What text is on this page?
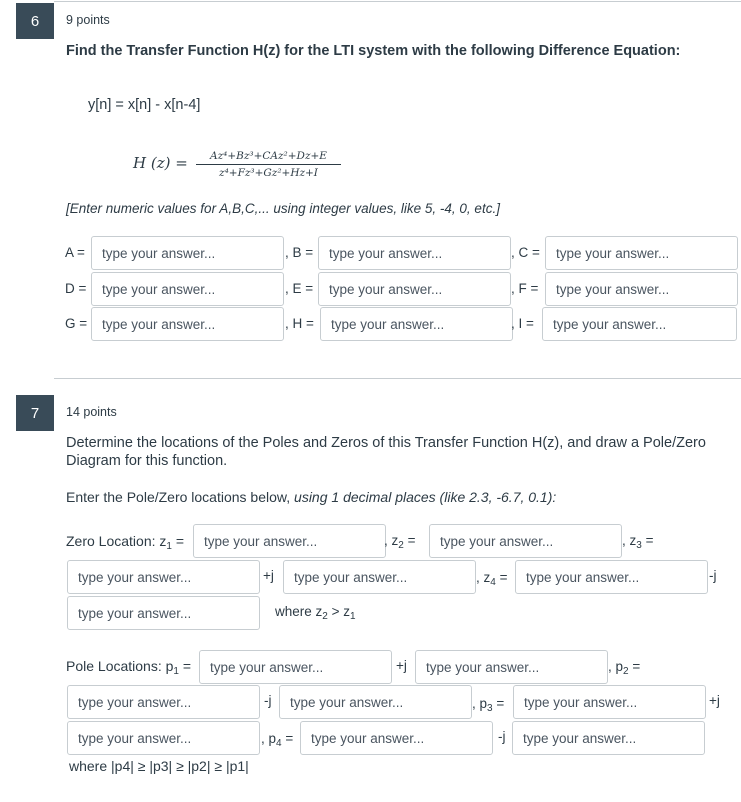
6	9 points
Find the Transfer Function H(z) for the LTI system with the following Difference Equation:
y[n] = x[n] - x[n-4]
H (z) = Az⁴+Bz³+CAz²+Dz+E
z⁴+Fz³+Gz²+Hz+I
[Enter numeric values for A,B,C,... using integer values, like 5, -4, 0, etc.]
A =
type your answer...	, B =
type your answer...	, C =
type your answer...
D =
type your answer...	, E =
type your answer...	, F =
type your answer...
G =
type your answer...	, H =
type your answer...	, I =
type your answer...
7	14 points
Determine the locations of the Poles and Zeros of this Transfer Function H(z), and draw a Pole/Zero Diagram for this function.
Enter the Pole/Zero locations below, using 1 decimal places (like 2.3, -6.7, 0.1):
Zero Location: $z_1$ =
type your answer...	, $z_2$ =
type your answer...	, $z_3$ =
type your answer...
+j
type your answer...	, $z_4$ =
type your answer...	-j
type your answer...
where $z_2 > z_1$
Pole Locations: $p_1$ =
type your answer...	+j
type your answer...	, $p_2$ =
type your answer...
-j
type your answer...	, $p_3$ =
type your answer...	+j
type your answer...
, $p_4$ =
type your answer...	-j
type your answer...
where |p4| ≥ |p3| ≥ |p2| ≥ |p1|
